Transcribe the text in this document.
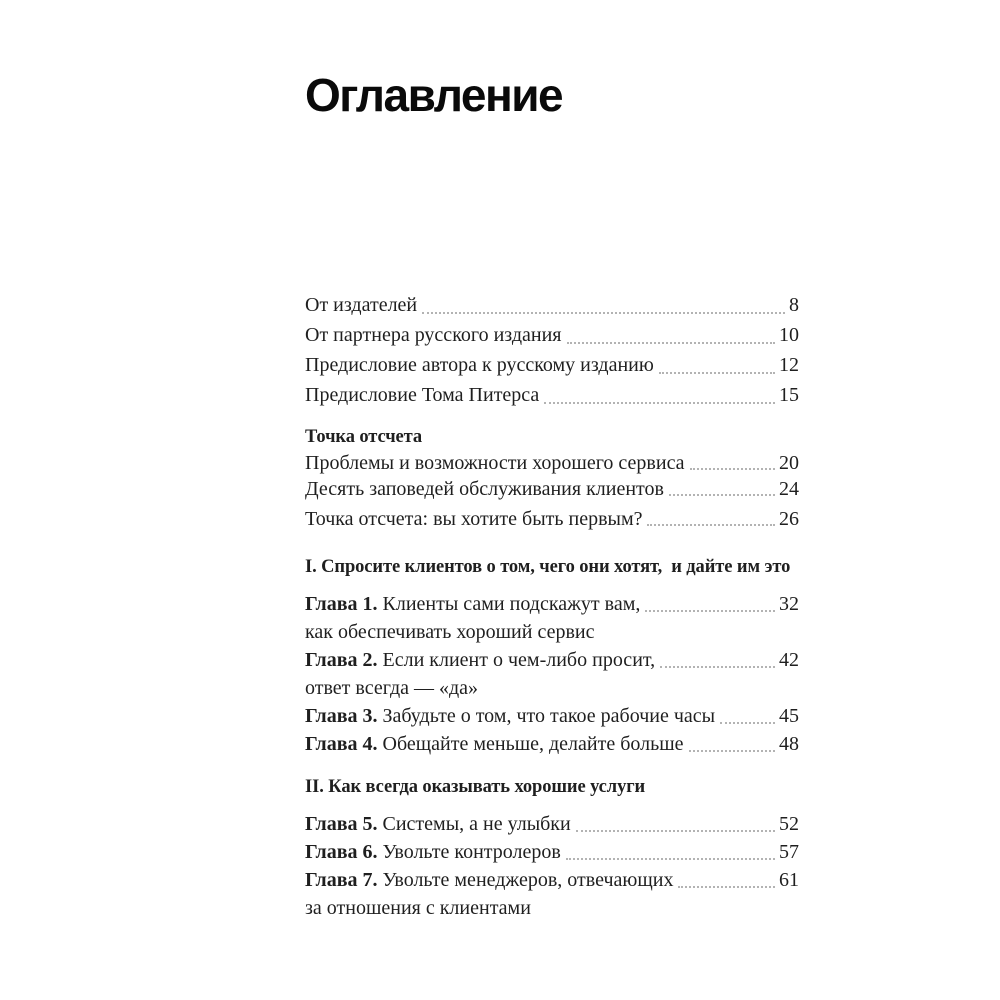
Оглавление
От издателей	8
От партнера русского издания	10
Предисловие автора к русскому изданию	12
Предисловие Тома Питерса	15
Точка отсчета
Проблемы и возможности хорошего сервиса	20
Десять заповедей обслуживания клиентов	24
Точка отсчета: вы хотите быть первым?	26
I. Спросите клиентов о том, чего они хотят,  и дайте им это
Глава 1. Клиенты сами подскажут вам,	32
как обеспечивать хороший сервис
Глава 2. Если клиент о чем-либо просит,	42
ответ всегда — «да»
Глава 3. Забудьте о том, что такое рабочие часы	45
Глава 4. Обещайте меньше, делайте больше	48
II. Как всегда оказывать хорошие услуги
Глава 5. Системы, а не улыбки	52
Глава 6. Увольте контролеров	57
Глава 7. Увольте менеджеров, отвечающих	61
за отношения с клиентами
